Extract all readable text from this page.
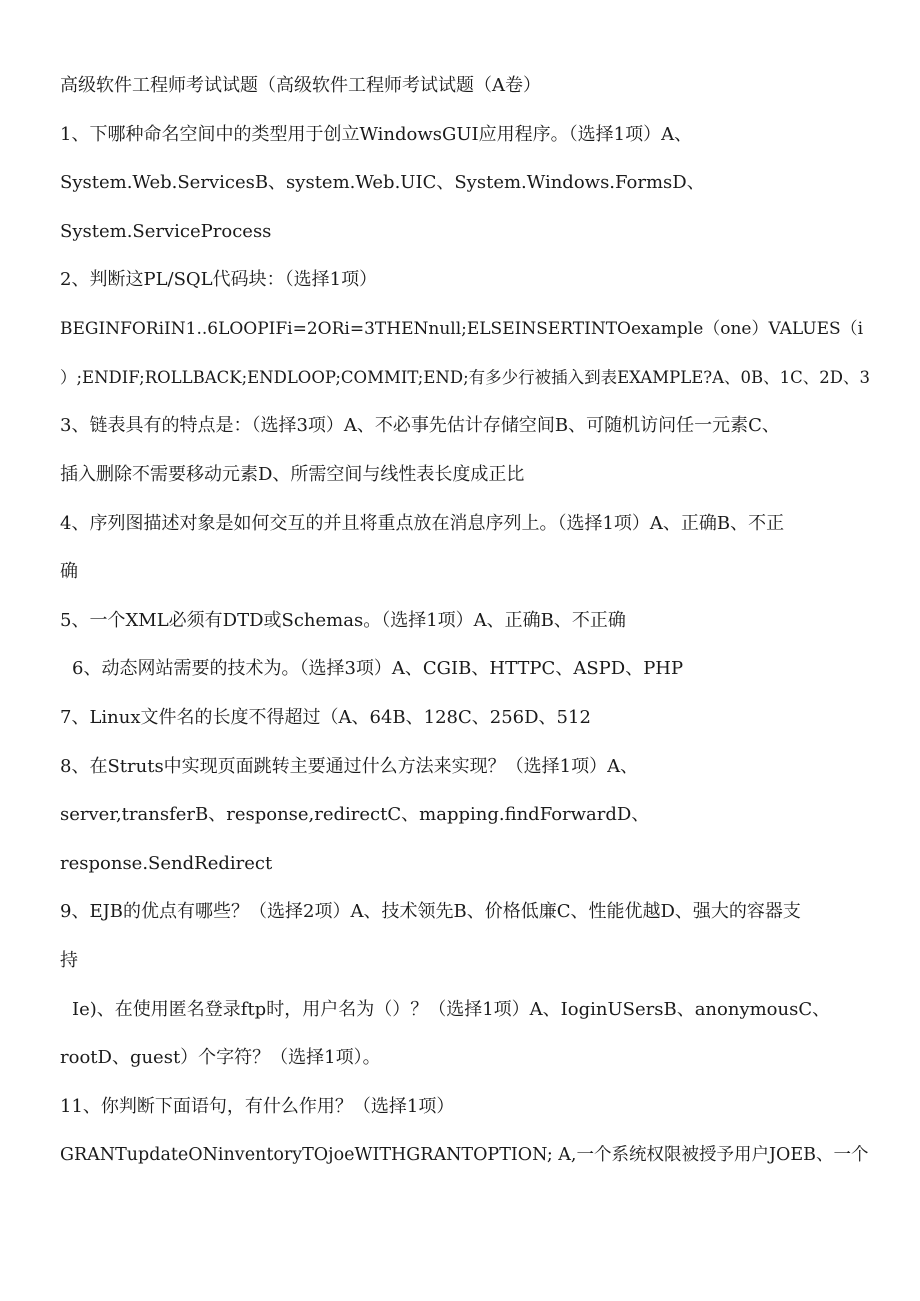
高级软件工程师考试试题（高级软件工程师考试试题（A卷）
1、下哪种命名空间中的类型用于创立WindowsGUI应用程序。（选择1项）A、
System.Web.ServicesB、system.Web.UIC、System.Windows.FormsD、
System.ServiceProcess
2、判断这PL/SQL代码块：（选择1项）
BEGINFORiIN1..6LOOPIFi=2ORi=3THENnull;ELSEINSERTINTOexample（one）VALUES（i
）;ENDIF;ROLLBACK;ENDLOOP;COMMIT;END;有多少行被插入到表EXAMPLE?A、0B、1C、2D、3
3、链表具有的特点是：（选择3项）A、不必事先估计存储空间B、可随机访问任一元素C、
插入删除不需要移动元素D、所需空间与线性表长度成正比
4、序列图描述对象是如何交互的并且将重点放在消息序列上。（选择1项）A、正确B、不正
确
5、一个XML必须有DTD或Schemas。（选择1项）A、正确B、不正确
6、动态网站需要的技术为。（选择3项）A、CGIB、HTTPC、ASPD、PHP
7、Linux文件名的长度不得超过（A、64B、128C、256D、512
8、在Struts中实现页面跳转主要通过什么方法来实现？（选择1项）A、
server,transferB、response,redirectC、mapping.findForwardD、
response.SendRedirect
9、EJB的优点有哪些？（选择2项）A、技术领先B、价格低廉C、性能优越D、强大的容器支
持
Ie)、在使用匿名登录ftp时，用户名为（）？（选择1项）A、IoginUSersB、anonymousC、
rootD、guest）个字符？（选择1项）。
11、你判断下面语句，有什么作用？（选择1项）
GRANTupdateONinventoryTOjoeWITHGRANTOPTION; A,一个系统权限被授予用户JOEB、一个
